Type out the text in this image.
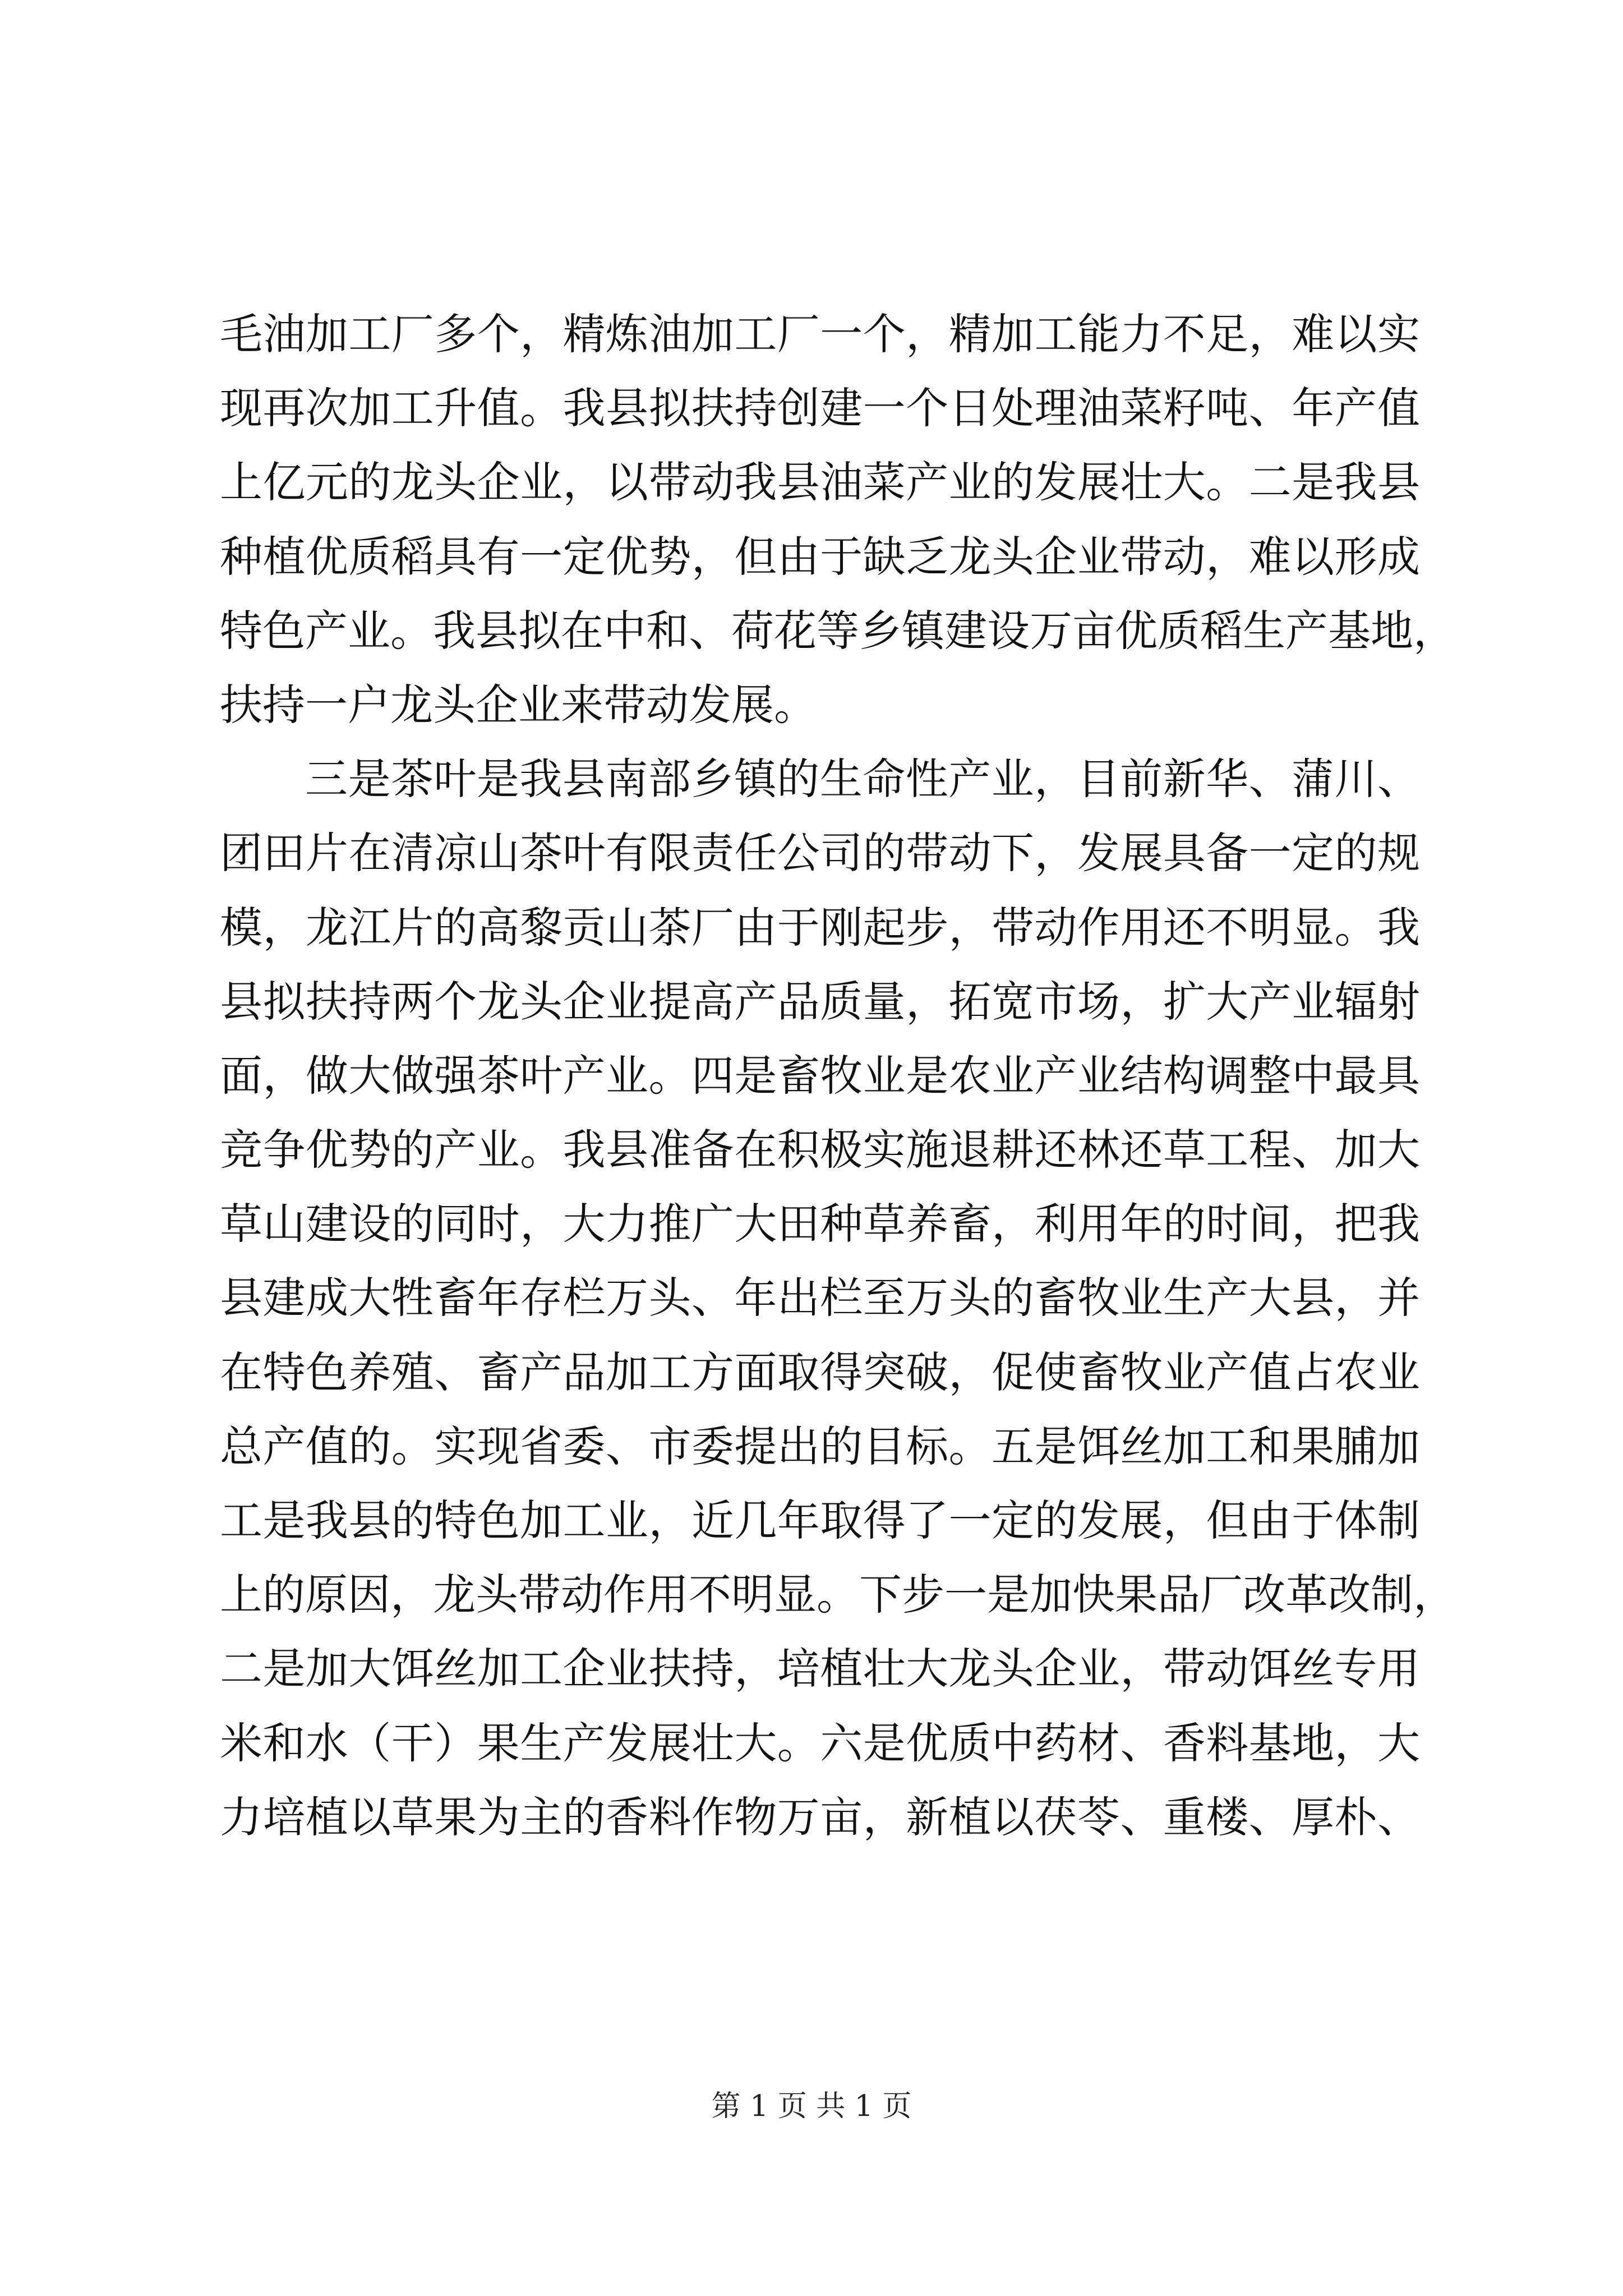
毛油加工厂多个，精炼油加工厂一个，精加工能力不足，难以实
现再次加工升值。我县拟扶持创建一个日处理油菜籽吨、年产值
上亿元的龙头企业，以带动我县油菜产业的发展壮大。二是我县
种植优质稻具有一定优势，但由于缺乏龙头企业带动，难以形成
特色产业。我县拟在中和、荷花等乡镇建设万亩优质稻生产基地，
扶持一户龙头企业来带动发展。
三是茶叶是我县南部乡镇的生命性产业，目前新华、蒲川、
团田片在清凉山茶叶有限责任公司的带动下，发展具备一定的规
模，龙江片的高黎贡山茶厂由于刚起步，带动作用还不明显。我
县拟扶持两个龙头企业提高产品质量，拓宽市场，扩大产业辐射
面，做大做强茶叶产业。四是畜牧业是农业产业结构调整中最具
竞争优势的产业。我县准备在积极实施退耕还林还草工程、加大
草山建设的同时，大力推广大田种草养畜，利用年的时间，把我
县建成大牲畜年存栏万头、年出栏至万头的畜牧业生产大县，并
在特色养殖、畜产品加工方面取得突破，促使畜牧业产值占农业
总产值的。实现省委、市委提出的目标。五是饵丝加工和果脯加
工是我县的特色加工业，近几年取得了一定的发展，但由于体制
上的原因，龙头带动作用不明显。下步一是加快果品厂改革改制，
二是加大饵丝加工企业扶持，培植壮大龙头企业，带动饵丝专用
米和水（干）果生产发展壮大。六是优质中药材、香料基地，大
力培植以草果为主的香料作物万亩，新植以茯苓、重楼、厚朴、
第 1 页 共 1 页
